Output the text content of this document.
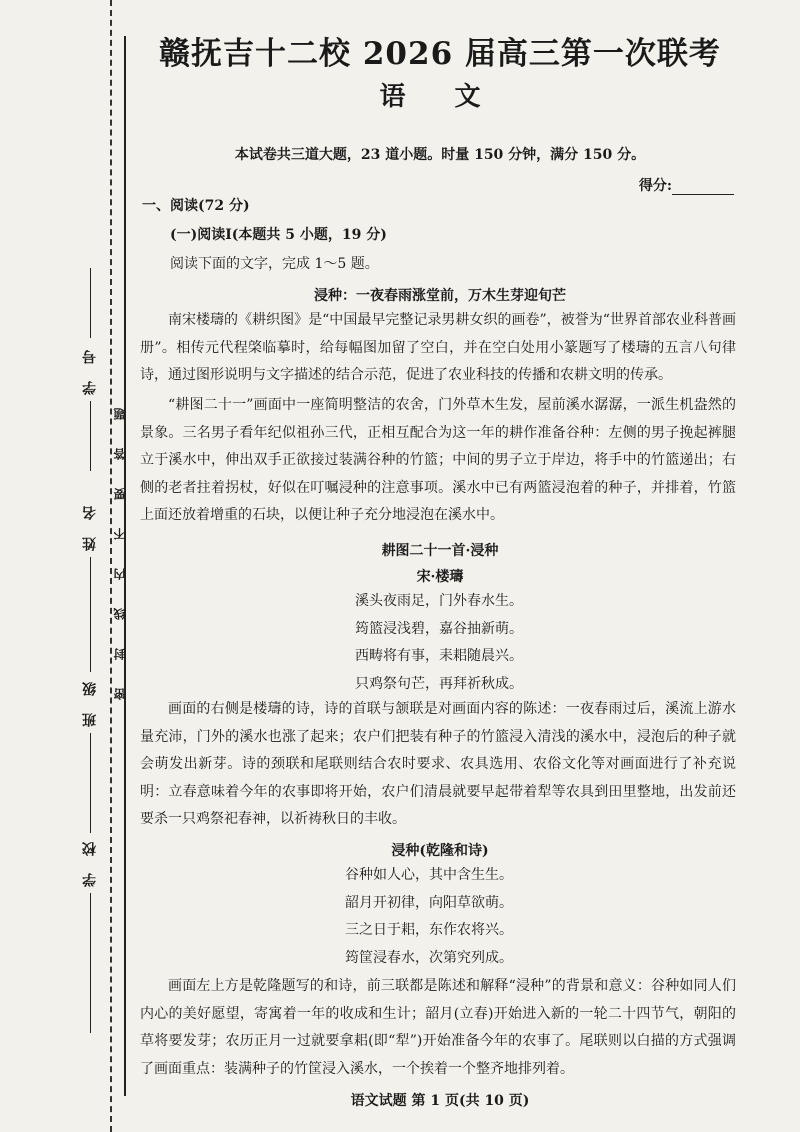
学 号
姓 名
班 级
学 校
密封线内不要答题
赣抚吉十二校 2026 届高三第一次联考
语 文
本试卷共三道大题，23 道小题。时量 150 分钟，满分 150 分。
得分:
一、阅读(72 分)
(一)阅读Ⅰ(本题共 5 小题，19 分)
阅读下面的文字，完成 1～5 题。
浸种：一夜春雨涨堂前，万木生芽迎旬芒
南宋楼璹的《耕织图》是“中国最早完整记录男耕女织的画卷”，被誉为“世界首部农业科普画册”。相传元代程棨临摹时，给每幅图加留了空白，并在空白处用小篆题写了楼璹的五言八句律诗，通过图形说明与文字描述的结合示范，促进了农业科技的传播和农耕文明的传承。
“耕图二十一”画面中一座简明整洁的农舍，门外草木生发，屋前溪水潺潺，一派生机盎然的景象。三名男子看年纪似祖孙三代，正相互配合为这一年的耕作准备谷种：左侧的男子挽起裤腿立于溪水中，伸出双手正欲接过装满谷种的竹篮；中间的男子立于岸边，将手中的竹篮递出；右侧的老者拄着拐杖，好似在叮嘱浸种的注意事项。溪水中已有两篮浸泡着的种子，并排着，竹篮上面还放着增重的石块，以便让种子充分地浸泡在溪水中。
耕图二十一首·浸种
宋·楼璹
溪头夜雨足，门外春水生。
筠篮浸浅碧，嘉谷抽新萌。
西畴将有事，耒耜随晨兴。
只鸡祭句芒，再拜祈秋成。
画面的右侧是楼璹的诗，诗的首联与颔联是对画面内容的陈述：一夜春雨过后，溪流上游水量充沛，门外的溪水也涨了起来；农户们把装有种子的竹篮浸入清浅的溪水中，浸泡后的种子就会萌发出新芽。诗的颈联和尾联则结合农时要求、农具选用、农俗文化等对画面进行了补充说明：立春意味着今年的农事即将开始，农户们清晨就要早起带着犁等农具到田里整地，出发前还要杀一只鸡祭祀春神，以祈祷秋日的丰收。
浸种(乾隆和诗)
谷种如人心，其中含生生。
韶月开初律，向阳草欲萌。
三之日于耜，东作农将兴。
筠筐浸春水，次第究列成。
画面左上方是乾隆题写的和诗，前三联都是陈述和解释“浸种”的背景和意义：谷种如同人们内心的美好愿望，寄寓着一年的收成和生计；韶月(立春)开始进入新的一轮二十四节气，朝阳的草将要发芽；农历正月一过就要拿耜(即“犁”)开始准备今年的农事了。尾联则以白描的方式强调了画面重点：装满种子的竹筐浸入溪水，一个挨着一个整齐地排列着。
语文试题 第 1 页(共 10 页)
